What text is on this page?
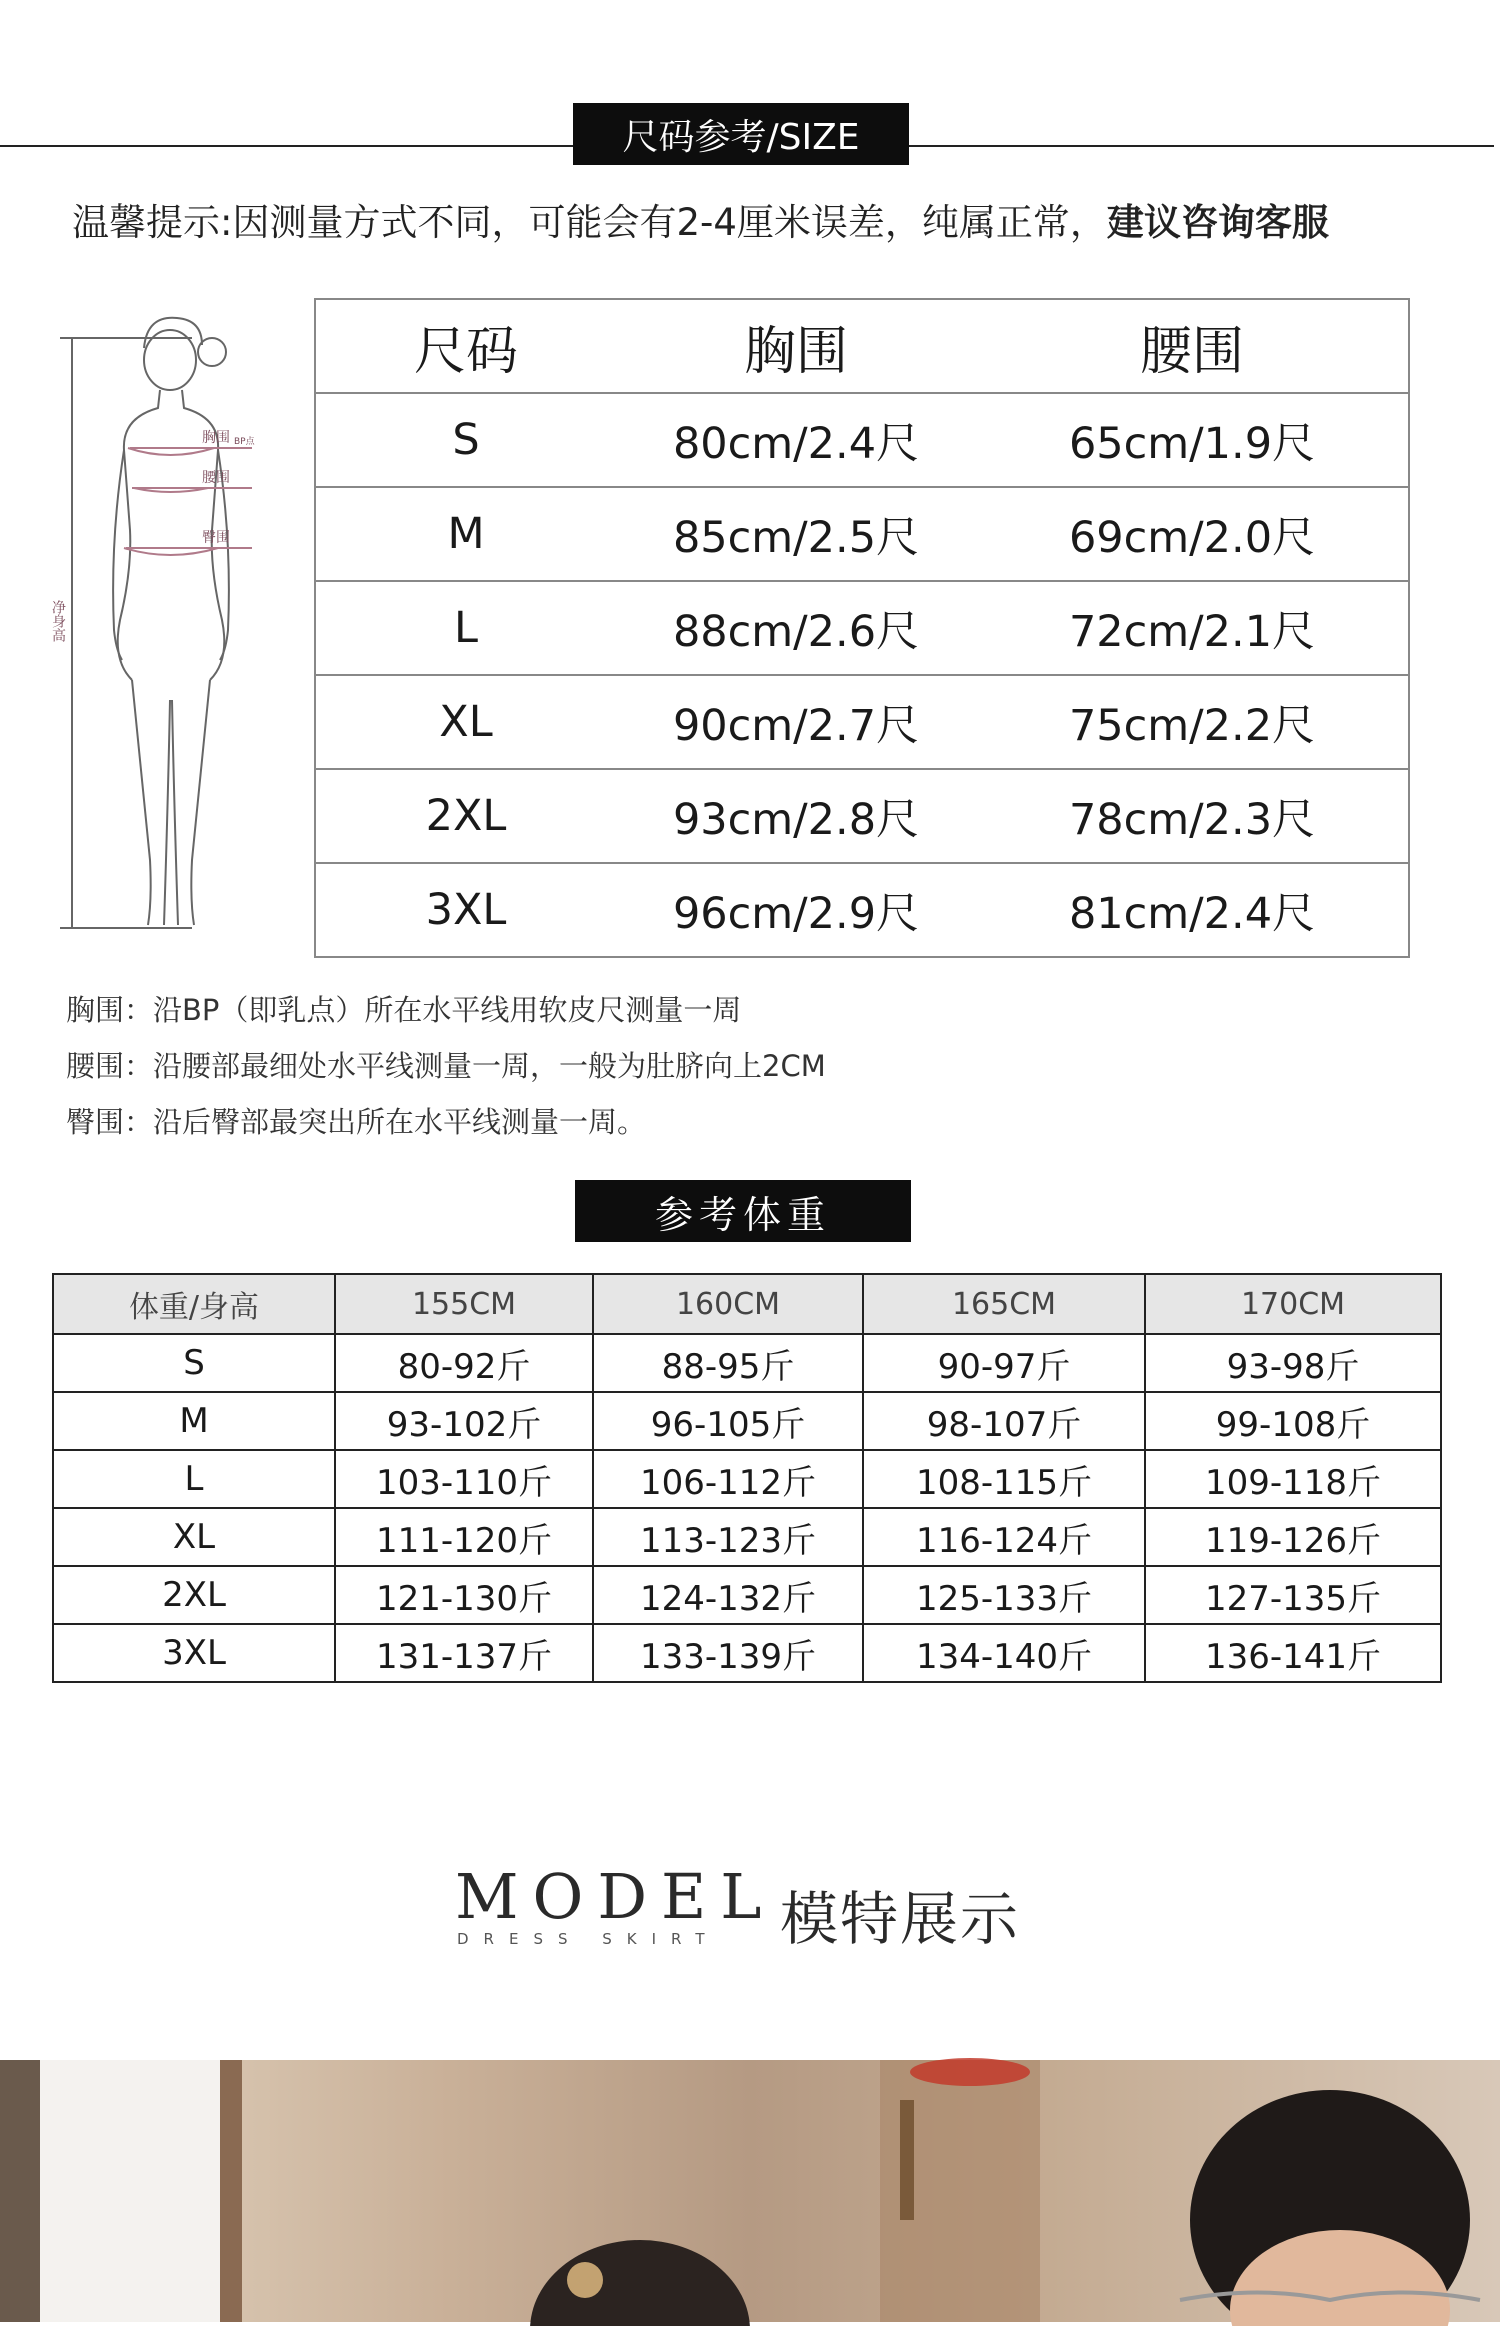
尺码参考/SIZE
温馨提示:因测量方式不同，可能会有2-4厘米误差，纯属正常，建议咨询客服
胸围 BP点
腰围
臀围
净身高
尺码	胸围	腰围
S	80cm/2.4尺	65cm/1.9尺
M	85cm/2.5尺	69cm/2.0尺
L	88cm/2.6尺	72cm/2.1尺
XL	90cm/2.7尺	75cm/2.2尺
2XL	93cm/2.8尺	78cm/2.3尺
3XL	96cm/2.9尺	81cm/2.4尺
胸围：沿BP（即乳点）所在水平线用软皮尺测量一周
腰围：沿腰部最细处水平线测量一周，一般为肚脐向上2CM
臀围：沿后臀部最突出所在水平线测量一周。
参考体重
体重/身高	155CM	160CM	165CM	170CM
S	80-92斤	88-95斤	90-97斤	93-98斤
M	93-102斤	96-105斤	98-107斤	99-108斤
L	103-110斤	106-112斤	108-115斤	109-118斤
XL	111-120斤	113-123斤	116-124斤	119-126斤
2XL	121-130斤	124-132斤	125-133斤	127-135斤
3XL	131-137斤	133-139斤	134-140斤	136-141斤
MODEL
DRESS SKIRT 模特展示
